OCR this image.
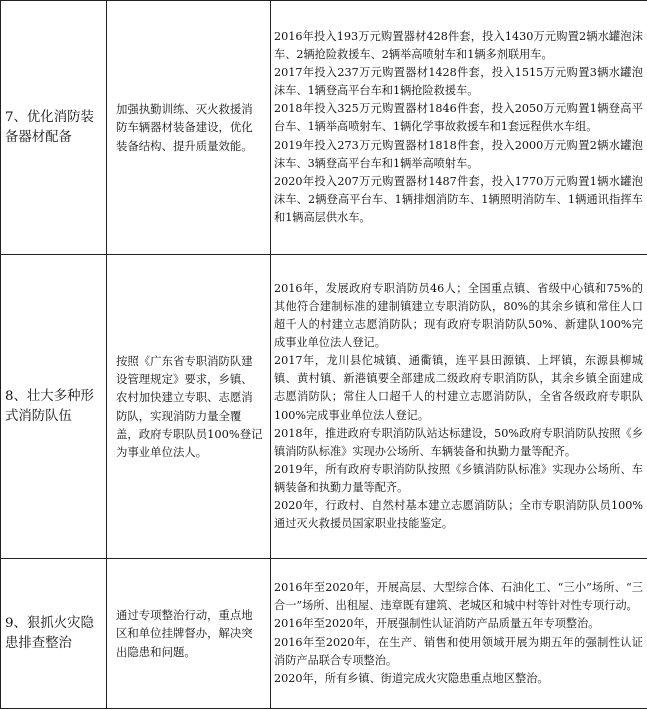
7、优化消防装备器材配备	加强执勤训练、灭火救援消防车辆器材装备建设，优化装备结构、提升质量效能。	2016年投入193万元购置器材428件套，投入1430万元购置2辆水罐泡沫车、2辆抢险救援车、2辆举高喷射车和1辆多剂联用车。
2017年投入237万元购置器材1428件套，投入1515万元购置3辆水罐泡沫车、1辆登高平台车和1辆抢险救援车。
2018年投入325万元购置器材1846件套，投入2050万元购置1辆登高平台车、1辆举高喷射车、1辆化学事故救援车和1套远程供水车组。
2019年投入273万元购置器材1818件套，投入2000万元购置2辆水罐泡沫车、3辆登高平台车和1辆举高喷射车。
2020年投入207万元购置器材1487件套，投入1770万元购置1辆水罐泡沫车、2辆登高平台车、1辆排烟消防车、1辆照明消防车、1辆通讯指挥车和1辆高层供水车。

8、壮大多种形式消防队伍	按照《广东省专职消防队建设管理规定》要求，乡镇、农村加快建立专职、志愿消防队，实现消防力量全覆盖，政府专职队员100%登记为事业单位法人。	2016年，发展政府专职消防员46人；全国重点镇、省级中心镇和75%的其他符合建制标准的建制镇建立专职消防队，80%的其余乡镇和常住人口超千人的村建立志愿消防队；现有政府专职消防队50%、新建队100%完成事业单位法人登记。
2017年，龙川县佗城镇、通衢镇，连平县田源镇、上坪镇，东源县柳城镇、黄村镇、新港镇要全部建成二级政府专职消防队，其余乡镇全面建成志愿消防队；常住人口超千人的村建立志愿消防队，全省各级政府专职队100%完成事业单位法人登记。
2018年，推进政府专职消防队站达标建设，50%政府专职消防队按照《乡镇消防队标准》实现办公场所、车辆装备和执勤力量等配齐。
2019年，所有政府专职消防队按照《乡镇消防队标准》实现办公场所、车辆装备和执勤力量等配齐。
2020年，行政村、自然村基本建立志愿消防队；全市专职消防队员100%通过灭火救援员国家职业技能鉴定。

9、狠抓火灾隐患排查整治	通过专项整治行动，重点地区和单位挂牌督办，解决突出隐患和问题。	2016年至2020年，开展高层、大型综合体、石油化工、“三小”场所、“三合一”场所、出租屋、违章既有建筑、老城区和城中村等针对性专项行动。
2016年至2020年，开展强制性认证消防产品质量五年专项整治。
2016年至2020年，在生产、销售和使用领域开展为期五年的强制性认证消防产品联合专项整治。
2020年，所有乡镇、街道完成火灾隐患重点地区整治。
